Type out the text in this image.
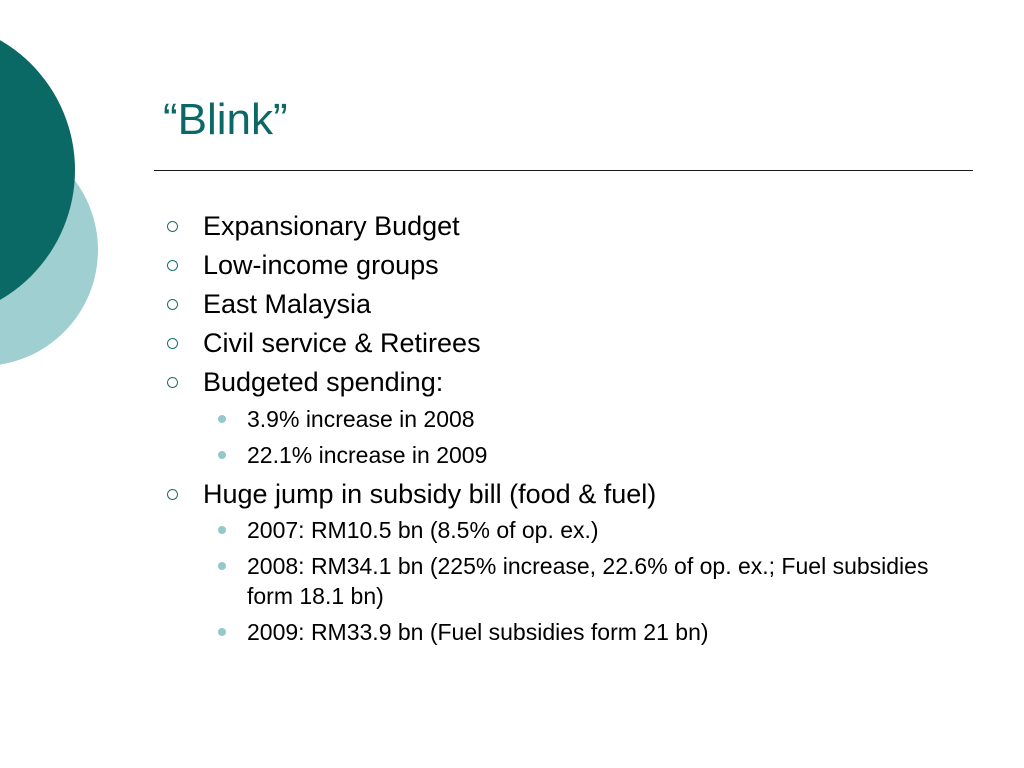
“Blink”
Expansionary Budget
Low-income groups
East Malaysia
Civil service & Retirees
Budgeted spending:
3.9% increase in 2008
22.1% increase in 2009
Huge jump in subsidy bill (food & fuel)
2007: RM10.5 bn (8.5% of op. ex.)
2008: RM34.1 bn (225% increase, 22.6% of op. ex.; Fuel subsidies form 18.1 bn)
2009: RM33.9 bn (Fuel subsidies form 21 bn)
